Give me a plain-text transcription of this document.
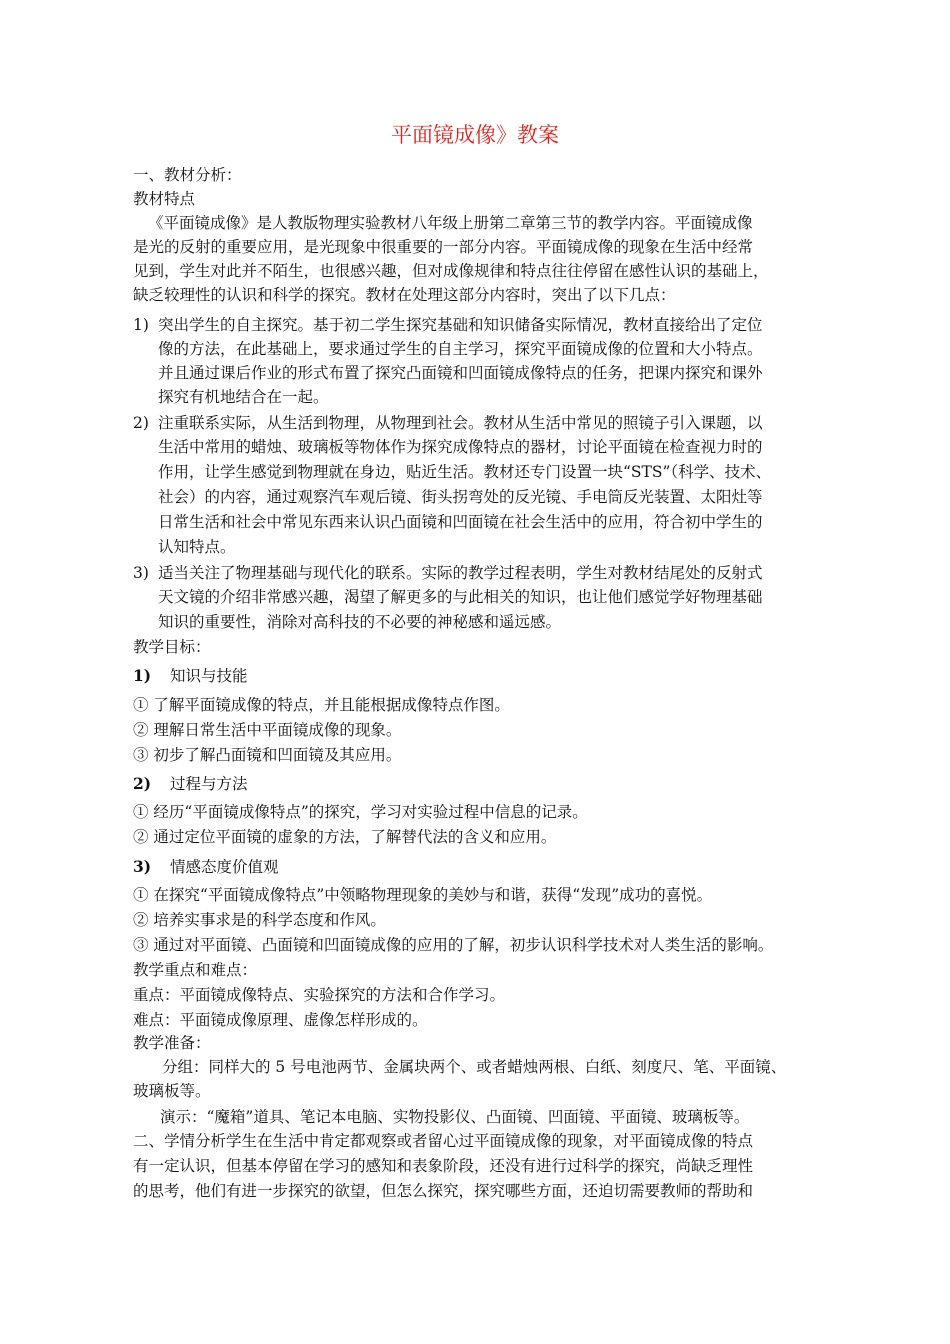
平面镜成像》教案
一、教材分析：
教材特点
《平面镜成像》是人教版物理实验教材八年级上册第二章第三节的教学内容。平面镜成像
是光的反射的重要应用，是光现象中很重要的一部分内容。平面镜成像的现象在生活中经常
见到，学生对此并不陌生，也很感兴趣，但对成像规律和特点往往停留在感性认识的基础上，
缺乏较理性的认识和科学的探究。教材在处理这部分内容时，突出了以下几点：
1) 突出学生的自主探究。基于初二学生探究基础和知识储备实际情况，教材直接给出了定位
像的方法，在此基础上，要求通过学生的自主学习，探究平面镜成像的位置和大小特点。
并且通过课后作业的形式布置了探究凸面镜和凹面镜成像特点的任务，把课内探究和课外
探究有机地结合在一起。
2) 注重联系实际，从生活到物理，从物理到社会。教材从生活中常见的照镜子引入课题，以
生活中常用的蜡烛、玻璃板等物体作为探究成像特点的器材，讨论平面镜在检查视力时的
作用，让学生感觉到物理就在身边，贴近生活。教材还专门设置一块“STS”（科学、技术、
社会）的内容，通过观察汽车观后镜、街头拐弯处的反光镜、手电筒反光装置、太阳灶等
日常生活和社会中常见东西来认识凸面镜和凹面镜在社会生活中的应用，符合初中学生的
认知特点。
3) 适当关注了物理基础与现代化的联系。实际的教学过程表明，学生对教材结尾处的反射式
天文镜的介绍非常感兴趣，渴望了解更多的与此相关的知识，也让他们感觉学好物理基础
知识的重要性，消除对高科技的不必要的神秘感和遥远感。
教学目标：
1) 知识与技能
① 了解平面镜成像的特点，并且能根据成像特点作图。
② 理解日常生活中平面镜成像的现象。
③ 初步了解凸面镜和凹面镜及其应用。
2) 过程与方法
① 经历“平面镜成像特点”的探究，学习对实验过程中信息的记录。
② 通过定位平面镜的虚象的方法，了解替代法的含义和应用。
3) 情感态度价值观
① 在探究“平面镜成像特点”中领略物理现象的美妙与和谐，获得“发现”成功的喜悦。
② 培养实事求是的科学态度和作风。
③ 通过对平面镜、凸面镜和凹面镜成像的应用的了解，初步认识科学技术对人类生活的影响。
教学重点和难点：
重点：平面镜成像特点、实验探究的方法和合作学习。
难点：平面镜成像原理、虚像怎样形成的。
教学准备：
分组：同样大的 5 号电池两节、金属块两个、或者蜡烛两根、白纸、刻度尺、笔、平面镜、
玻璃板等。
演示：“魔箱”道具、笔记本电脑、实物投影仪、凸面镜、凹面镜、平面镜、玻璃板等。
二、学情分析学生在生活中肯定都观察或者留心过平面镜成像的现象，对平面镜成像的特点
有一定认识，但基本停留在学习的感知和表象阶段，还没有进行过科学的探究，尚缺乏理性
的思考，他们有进一步探究的欲望，但怎么探究，探究哪些方面，还迫切需要教师的帮助和
